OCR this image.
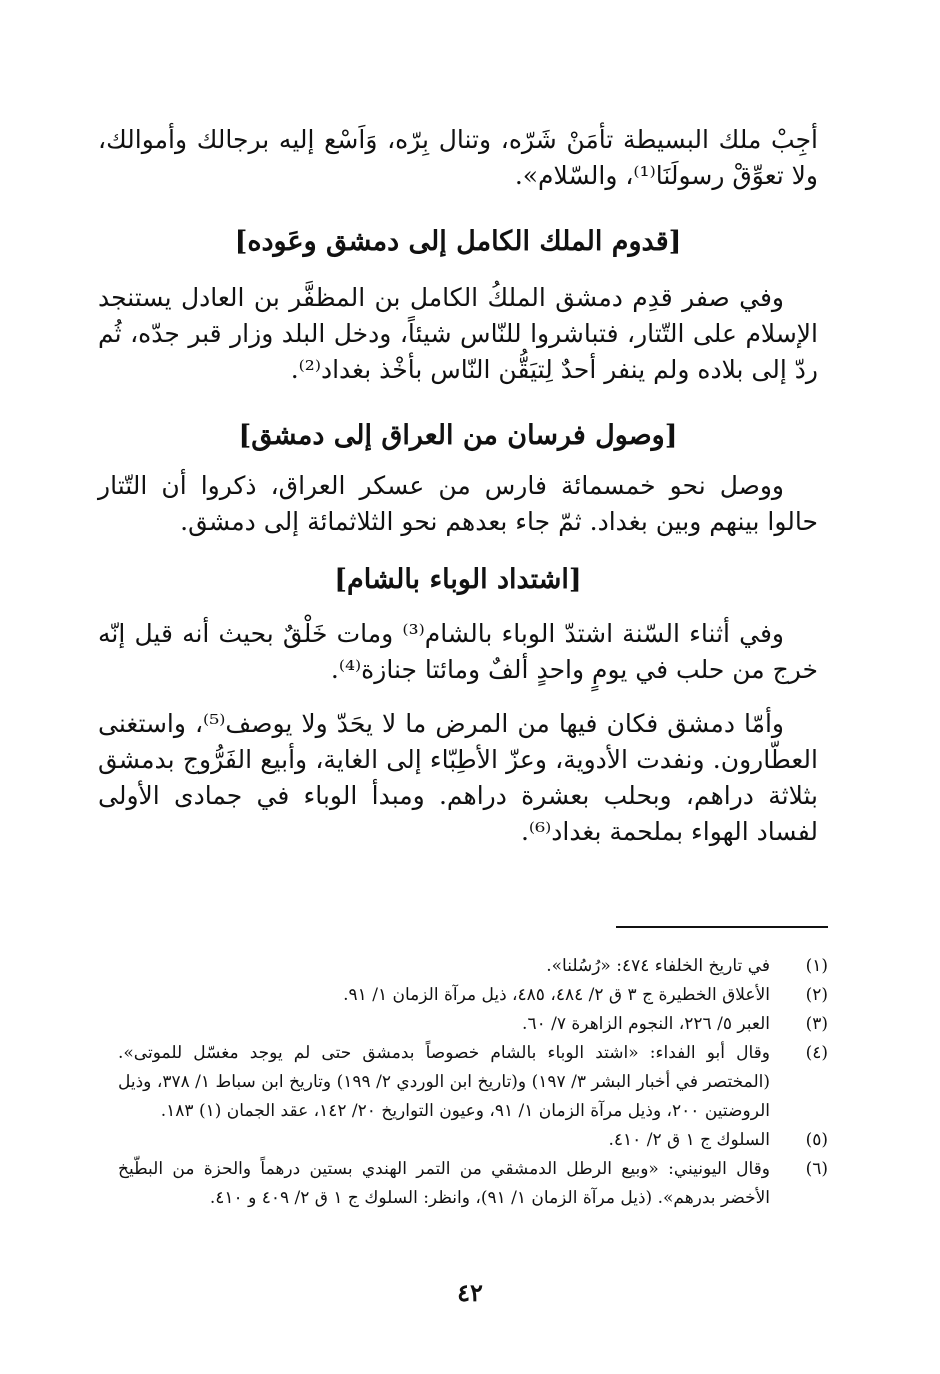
أجِبْ ملك البسيطة تأمَنْ شَرّه، وتنال بِرّه، وَاَسْع إليه برجالك وأموالك، ولا تعوِّقْ رسولَنَا⁽¹⁾، والسّلام».

[قدوم الملك الكامل إلى دمشق وعَوده]

وفي صفر قدِم دمشق الملكُ الكامل بن المظفَّر بن العادل يستنجد الإسلام على التّتار، فتباشروا للنّاس شيئاً، ودخل البلد وزار قبر جدّه، ثُم ردّ إلى بلاده ولم ينفر أحدٌ لِتيَقُّن النّاس بأخْذ بغداد⁽²⁾.

[وصول فرسان من العراق إلى دمشق]

ووصل نحو خمسمائة فارس من عسكر العراق، ذكروا أن التّتار حالوا بينهم وبين بغداد. ثمّ جاء بعدهم نحو الثلاثمائة إلى دمشق.

[اشتداد الوباء بالشام]

وفي أثناء السّنة اشتدّ الوباء بالشام⁽³⁾ ومات خَلْقٌ بحيث أنه قيل إنّه خرج من حلب في يومٍ واحدٍ ألفٌ ومائتا جنازة⁽⁴⁾.

وأمّا دمشق فكان فيها من المرض ما لا يحَدّ ولا يوصف⁽⁵⁾، واستغنى العطّارون. ونفدت الأدوية، وعزّ الأطِبّاء إلى الغاية، وأبيع الفَرُّوج بدمشق بثلاثة دراهم، وبحلب بعشرة دراهم. ومبدأ الوباء في جمادى الأولى لفساد الهواء بملحمة بغداد⁽⁶⁾.

(١)
في تاريخ الخلفاء ٤٧٤: «رُسُلنا».
(٢)
الأعلاق الخطيرة ج ٣ ق ٢/ ٤٨٤، ٤٨٥، ذيل مرآة الزمان ١/ ٩١.
(٣)
العبر ٥/ ٢٢٦، النجوم الزاهرة ٧/ ٦٠.
(٤)
وقال أبو الفداء: «اشتد الوباء بالشام خصوصاً بدمشق حتى لم يوجد مغسّل للموتى». (المختصر في أخبار البشر ٣/ ١٩٧) و(تاريخ ابن الوردي ٢/ ١٩٩) وتاريخ ابن سباط ١/ ٣٧٨، وذيل الروضتين ٢٠٠، وذيل مرآة الزمان ١/ ٩١، وعيون التواريخ ٢٠/ ١٤٢، عقد الجمان (١) ١٨٣.
(٥)
السلوك ج ١ ق ٢/ ٤١٠.
(٦)
وقال اليونيني: «وبيع الرطل الدمشقي من التمر الهندي بستين درهماً والحزة من البطّيخ الأخضر بدرهم». (ذيل مرآة الزمان ١/ ٩١)، وانظر: السلوك ج ١ ق ٢/ ٤٠٩ و ٤١٠.
٤٢
